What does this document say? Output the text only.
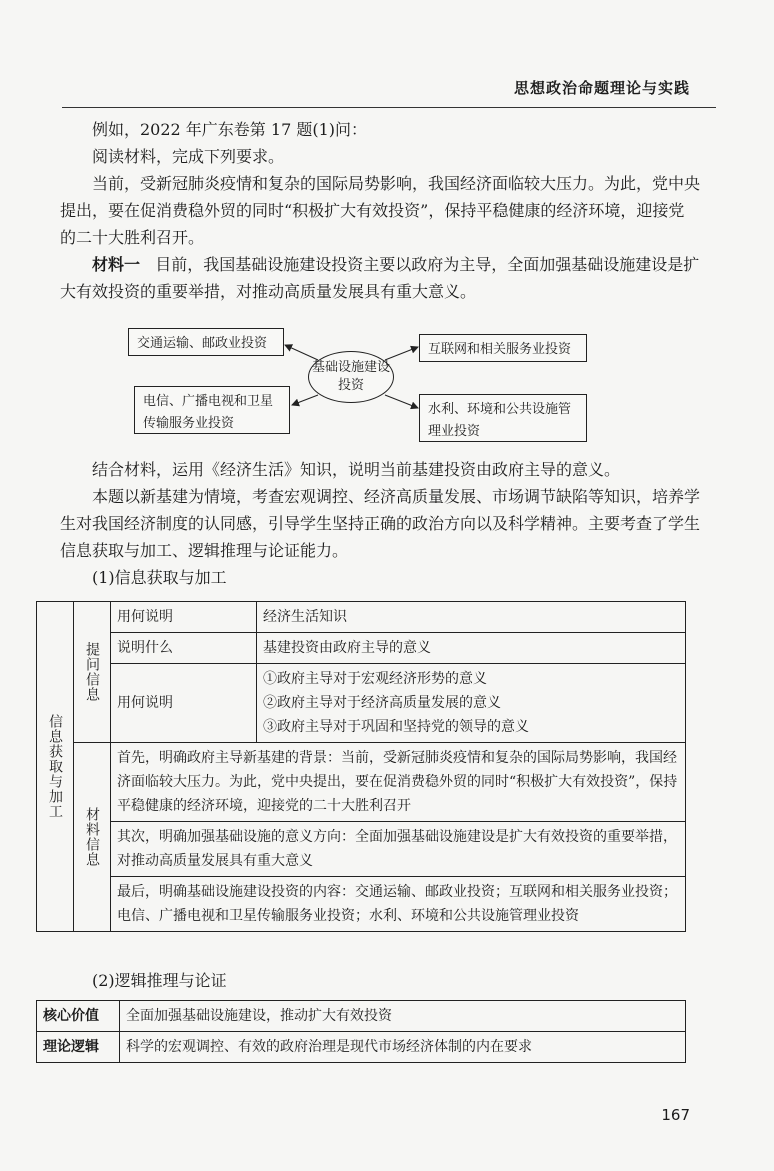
思想政治命题理论与实践
例如，2022 年广东卷第 17 题(1)问：
阅读材料，完成下列要求。
当前，受新冠肺炎疫情和复杂的国际局势影响，我国经济面临较大压力。为此，党中央提出，要在促消费稳外贸的同时“积极扩大有效投资”，保持平稳健康的经济环境，迎接党的二十大胜利召开。
材料一 目前，我国基础设施建设投资主要以政府为主导，全面加强基础设施建设是扩大有效投资的重要举措，对推动高质量发展具有重大意义。
交通运输、邮政业投资	互联网和相关服务业投资
电信、广播电视和卫星传输服务业投资
水利、环境和公共设施管理业投资
基础设施建设投资
结合材料，运用《经济生活》知识，说明当前基建投资由政府主导的意义。
本题以新基建为情境，考查宏观调控、经济高质量发展、市场调节缺陷等知识，培养学生对我国经济制度的认同感，引导学生坚持正确的政治方向以及科学精神。主要考查了学生信息获取与加工、逻辑推理与论证能力。
(1)信息获取与加工
信息获取与加工	提问信息	用何说明	经济生活知识
		说明什么	基建投资由政府主导的意义
		用何说明	①政府主导对于宏观经济形势的意义
②政府主导对于经济高质量发展的意义
③政府主导对于巩固和坚持党的领导的意义

	材料信息	首先，明确政府主导新基建的背景：当前，受新冠肺炎疫情和复杂的国际局势影响，我国经济面临较大压力。为此，党中央提出，要在促消费稳外贸的同时“积极扩大有效投资”，保持平稳健康的经济环境，迎接党的二十大胜利召开	
		其次，明确加强基础设施的意义方向：全面加强基础设施建设是扩大有效投资的重要举措，对推动高质量发展具有重大意义	
		最后，明确基础设施建设投资的内容：交通运输、邮政业投资；互联网和相关服务业投资；电信、广播电视和卫星传输服务业投资；水利、环境和公共设施管理业投资	
(2)逻辑推理与论证
核心价值	全面加强基础设施建设，推动扩大有效投资
理论逻辑	科学的宏观调控、有效的政府治理是现代市场经济体制的内在要求
167
